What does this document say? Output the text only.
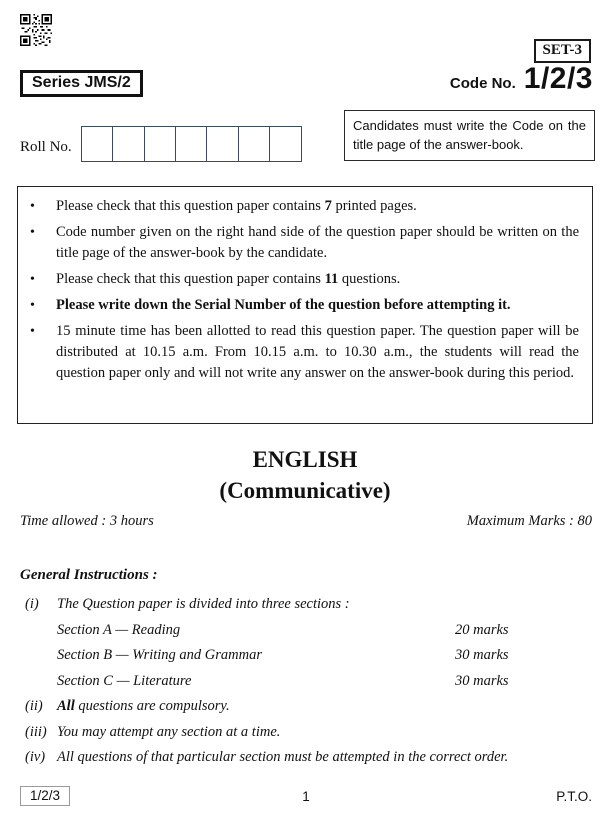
SET-3
Series JMS/2	Code No. 1/2/3
Candidates must write the Code on the title page of the answer-book.
Roll No.
•	Please check that this question paper contains 7 printed pages.
•	Code number given on the right hand side of the question paper should be written on the title page of the answer-book by the candidate.
•	Please check that this question paper contains 11 questions.
•	Please write down the Serial Number of the question before attempting it.
•	15 minute time has been allotted to read this question paper. The question paper will be distributed at 10.15 a.m. From 10.15 a.m. to 10.30 a.m., the students will read the question paper only and will not write any answer on the answer-book during this period.
ENGLISH
(Communicative)
Time allowed : 3 hours	Maximum Marks : 80
General Instructions :
(i) The Question paper is divided into three sections :
Section A — Reading	20 marks
Section B — Writing and Grammar	30 marks
Section C — Literature	30 marks
(ii) All questions are compulsory.
(iii) You may attempt any section at a time.
(iv) All questions of that particular section must be attempted in the correct order.
1/2/3	1	P.T.O.
